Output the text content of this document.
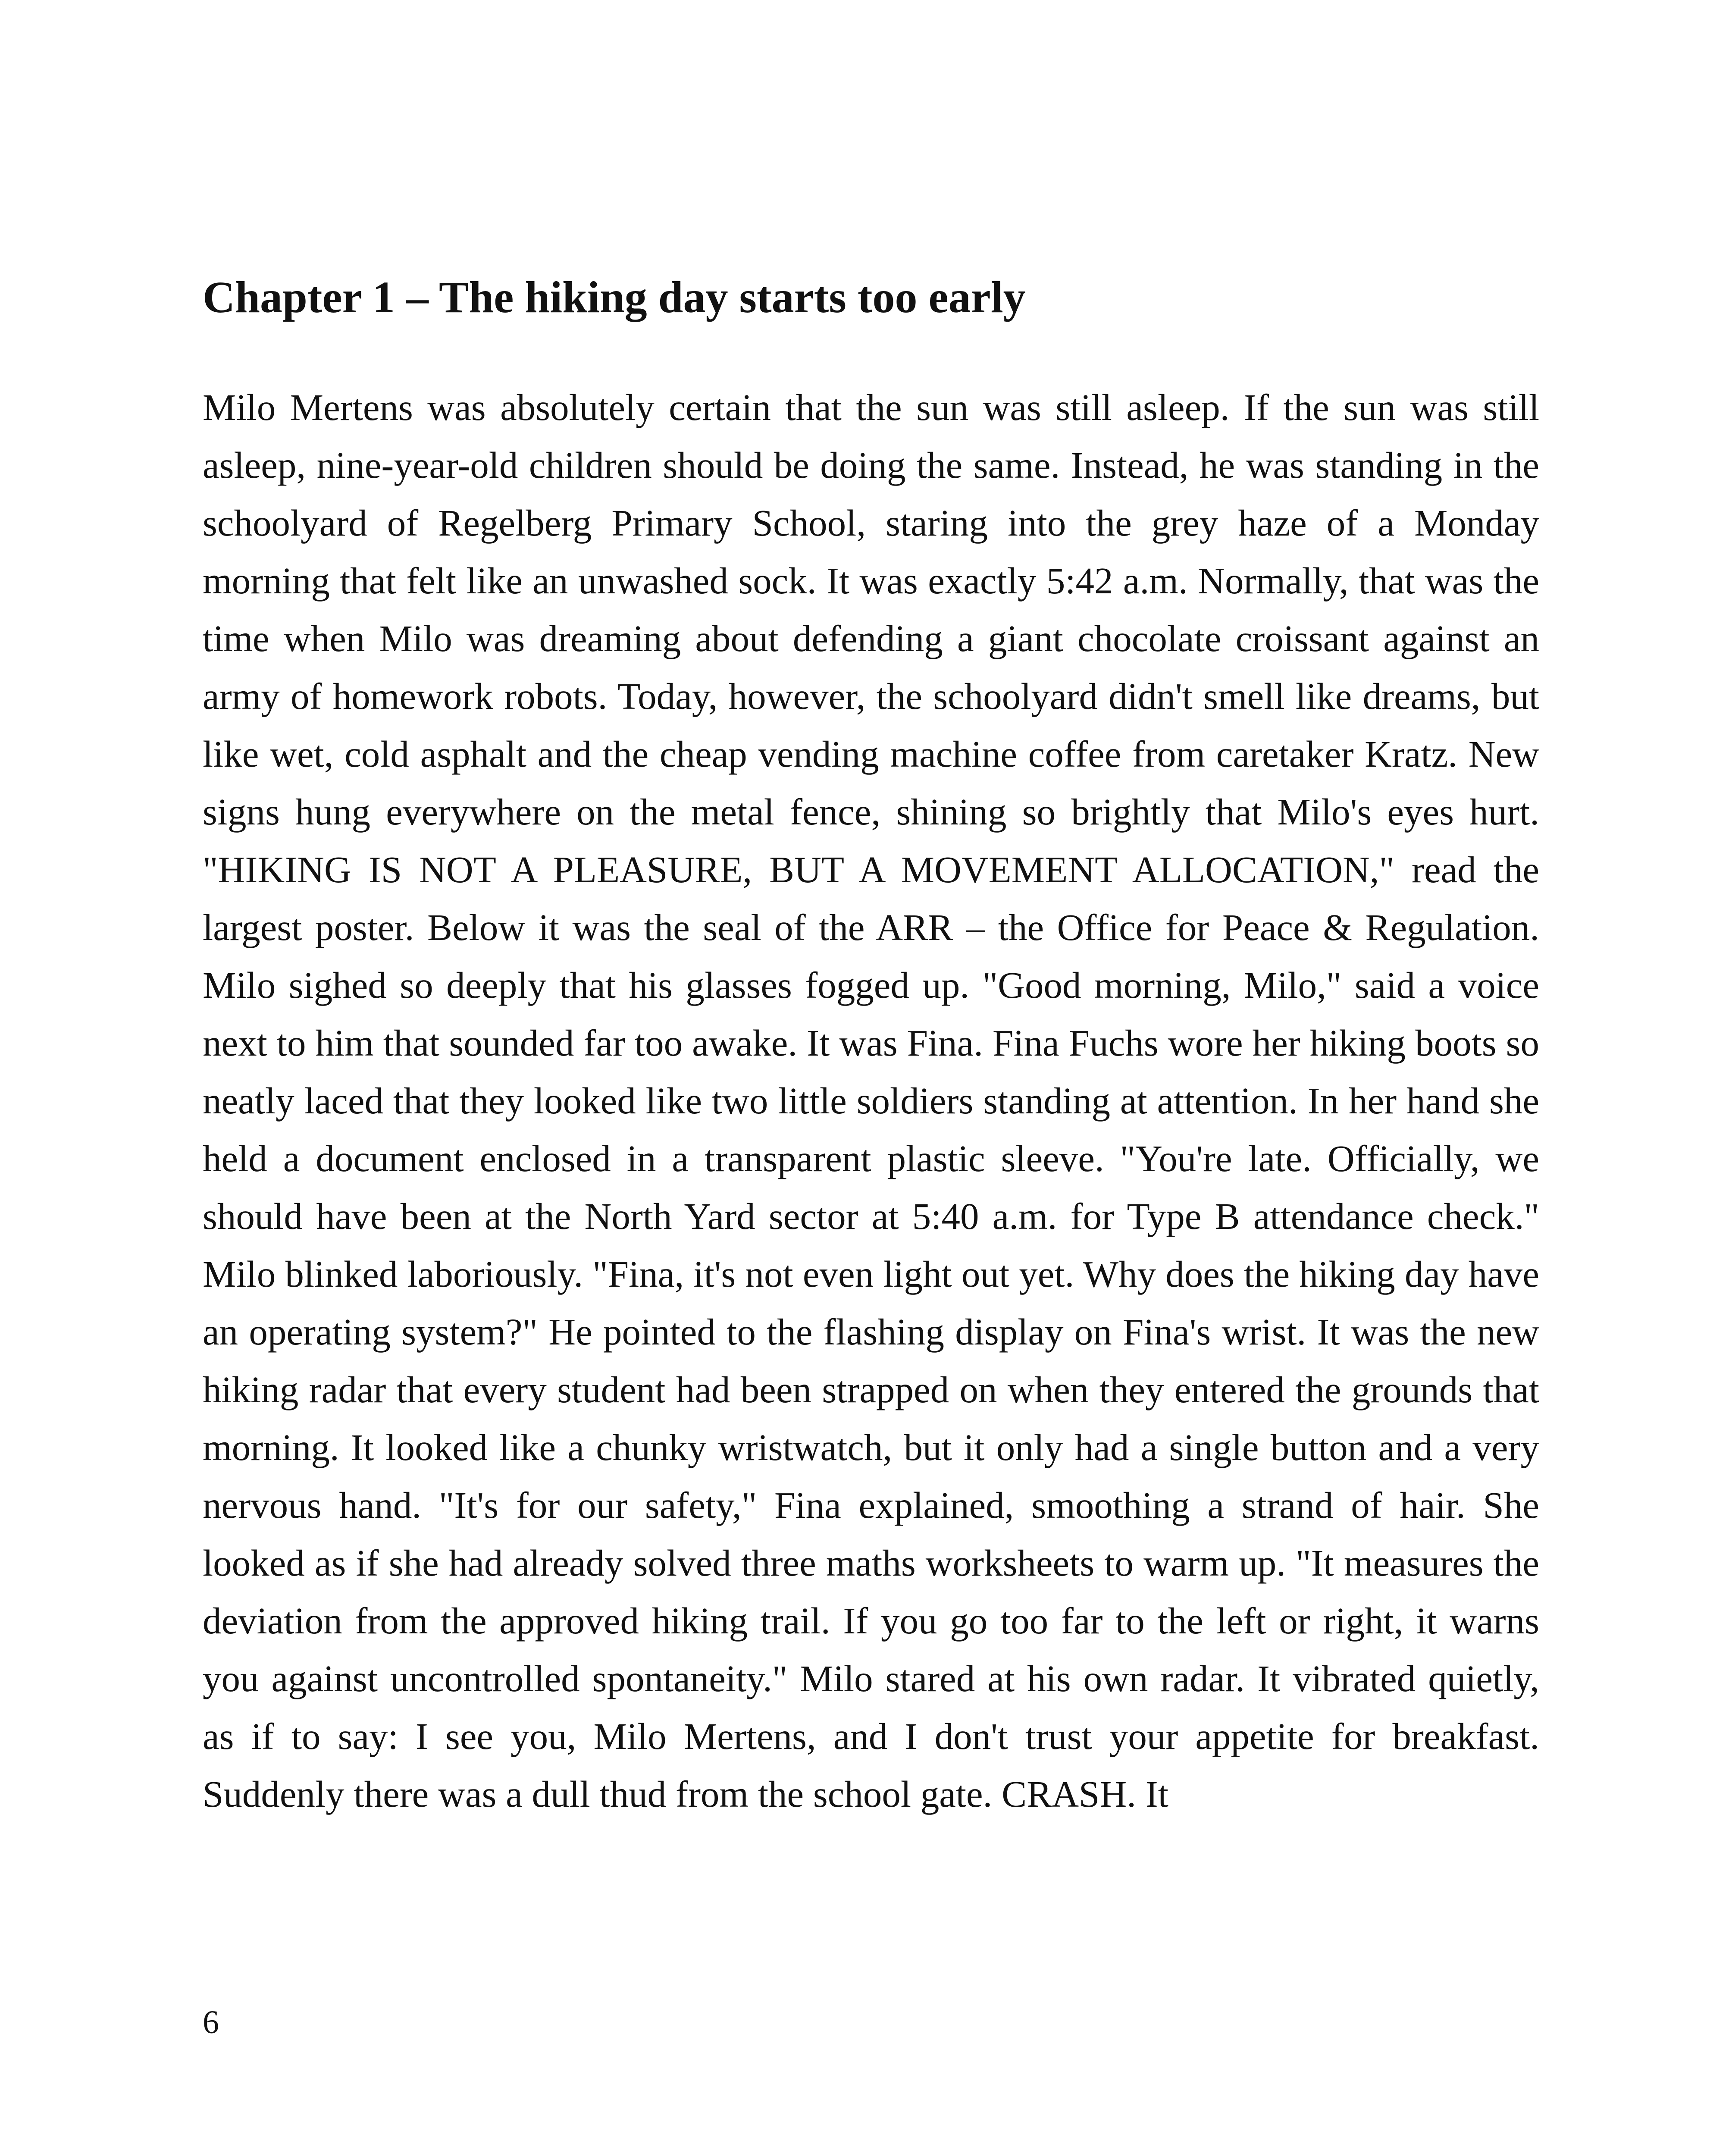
Chapter 1 – The hiking day starts too early

Milo Mertens was absolutely certain that the sun was still asleep. If the sun was still asleep, nine-year-old children should be doing the same. Instead, he was standing in the schoolyard of Regelberg Primary School, staring into the grey haze of a Monday morning that felt like an unwashed sock. It was exactly 5:42 a.m. Normally, that was the time when Milo was dreaming about defending a giant chocolate croissant against an army of homework robots. Today, however, the schoolyard didn't smell like dreams, but like wet, cold asphalt and the cheap vending machine coffee from caretaker Kratz. New signs hung everywhere on the metal fence, shining so brightly that Milo's eyes hurt. "HIKING IS NOT A PLEASURE, BUT A MOVEMENT ALLOCATION," read the largest poster. Below it was the seal of the ARR – the Office for Peace & Regulation. Milo sighed so deeply that his glasses fogged up. "Good morning, Milo," said a voice next to him that sounded far too awake. It was Fina. Fina Fuchs wore her hiking boots so neatly laced that they looked like two little soldiers standing at attention. In her hand she held a document enclosed in a transparent plastic sleeve. "You're late. Officially, we should have been at the North Yard sector at 5:40 a.m. for Type B attendance check." Milo blinked laboriously. "Fina, it's not even light out yet. Why does the hiking day have an operating system?" He pointed to the flashing display on Fina's wrist. It was the new hiking radar that every student had been strapped on when they entered the grounds that morning. It looked like a chunky wristwatch, but it only had a single button and a very nervous hand. "It's for our safety," Fina explained, smoothing a strand of hair. She looked as if she had already solved three maths worksheets to warm up. "It measures the deviation from the approved hiking trail. If you go too far to the left or right, it warns you against uncontrolled spontaneity." Milo stared at his own radar. It vibrated quietly, as if to say: I see you, Milo Mertens, and I don't trust your appetite for breakfast. Suddenly there was a dull thud from the school gate. CRASH. It

6
